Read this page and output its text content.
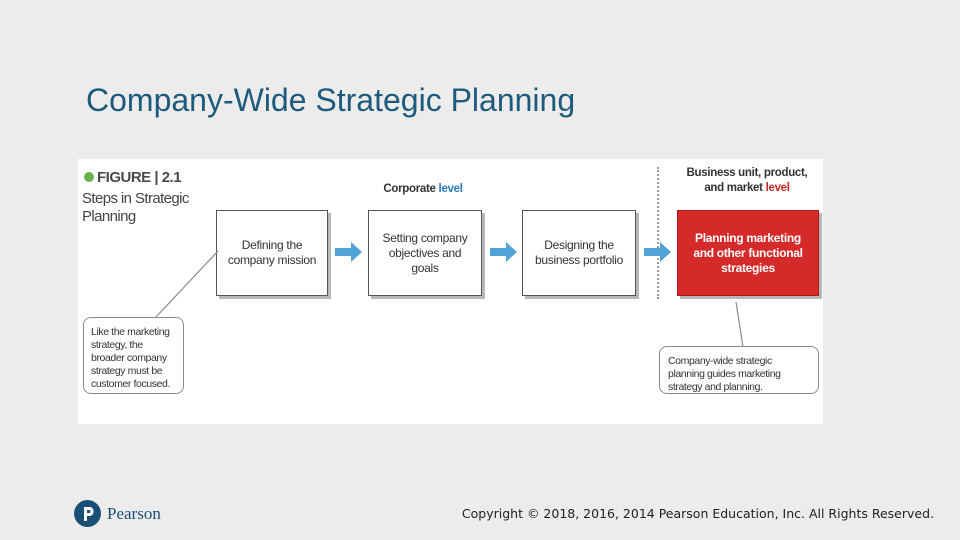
Company-Wide Strategic Planning
FIGURE | 2.1
Steps in Strategic Planning
Corporate level
Business unit, product,
and market level
Defining the company mission
Setting company objectives and goals
Designing the business portfolio
Planning marketing and other functional strategies
Like the marketing strategy, the broader company strategy must be customer focused.
Company-wide strategic planning guides marketing strategy and planning.
Pearson	Copyright © 2018, 2016, 2014 Pearson Education, Inc. All Rights Reserved.
